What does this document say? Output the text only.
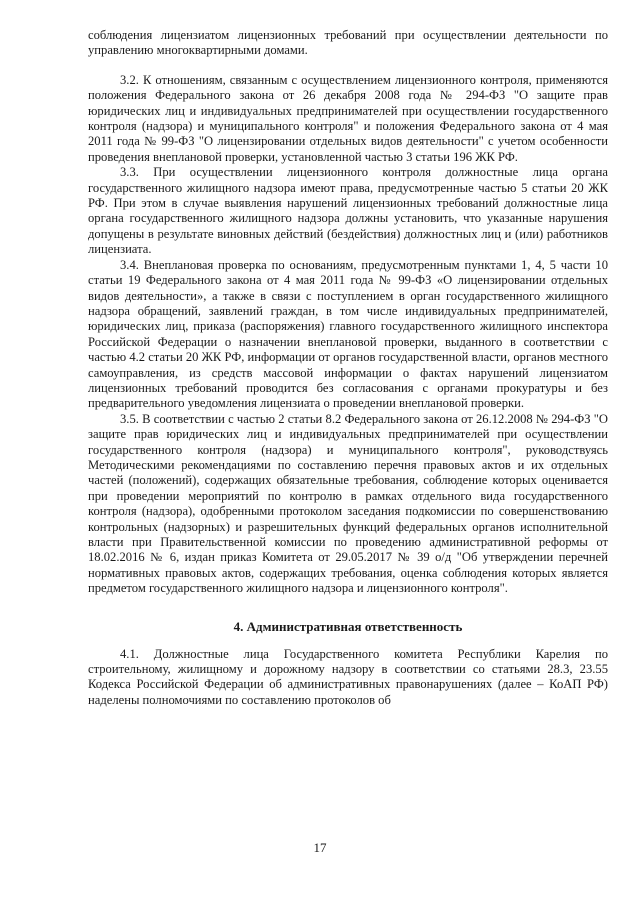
соблюдения лицензиатом лицензионных требований при осуществлении деятельности по управлению многоквартирными домами.

3.2. К отношениям, связанным с осуществлением лицензионного контроля, применяются положения Федерального закона от 26 декабря 2008 года № 294-ФЗ "О защите прав юридических лиц и индивидуальных предпринимателей при осуществлении государственного контроля (надзора) и муниципального контроля" и положения Федерального закона от 4 мая 2011 года № 99-ФЗ "О лицензировании отдельных видов деятельности" с учетом особенности проведения внеплановой проверки, установленной частью 3 статьи 196 ЖК РФ.

3.3. При осуществлении лицензионного контроля должностные лица органа государственного жилищного надзора имеют права, предусмотренные частью 5 статьи 20 ЖК РФ. При этом в случае выявления нарушений лицензионных требований должностные лица органа государственного жилищного надзора должны установить, что указанные нарушения допущены в результате виновных действий (бездействия) должностных лиц и (или) работников лицензиата.

3.4. Внеплановая проверка по основаниям, предусмотренным пунктами 1, 4, 5 части 10 статьи 19 Федерального закона от 4 мая 2011 года № 99-ФЗ «О лицензировании отдельных видов деятельности», а также в связи с поступлением в орган государственного жилищного надзора обращений, заявлений граждан, в том числе индивидуальных предпринимателей, юридических лиц, приказа (распоряжения) главного государственного жилищного инспектора Российской Федерации о назначении внеплановой проверки, выданного в соответствии с частью 4.2 статьи 20 ЖК РФ, информации от органов государственной власти, органов местного самоуправления, из средств массовой информации о фактах нарушений лицензиатом лицензионных требований проводится без согласования с органами прокуратуры и без предварительного уведомления лицензиата о проведении внеплановой проверки.

3.5. В соответствии с частью 2 статьи 8.2 Федерального закона от 26.12.2008 № 294-ФЗ "О защите прав юридических лиц и индивидуальных предпринимателей при осуществлении государственного контроля (надзора) и муниципального контроля", руководствуясь Методическими рекомендациями по составлению перечня правовых актов и их отдельных частей (положений), содержащих обязательные требования, соблюдение которых оценивается при проведении мероприятий по контролю в рамках отдельного вида государственного контроля (надзора), одобренными протоколом заседания подкомиссии по совершенствованию контрольных (надзорных) и разрешительных функций федеральных органов исполнительной власти при Правительственной комиссии по проведению административной реформы от 18.02.2016 № 6, издан приказ Комитета от 29.05.2017 № 39 о/д "Об утверждении перечней нормативных правовых актов, содержащих требования, оценка соблюдения которых является предметом государственного жилищного надзора и лицензионного контроля".

4. Административная ответственность

4.1. Должностные лица Государственного комитета Республики Карелия по строительному, жилищному и дорожному надзору в соответствии со статьями 28.3, 23.55 Кодекса Российской Федерации об административных правонарушениях (далее – КоАП РФ) наделены полномочиями по составлению протоколов об

17
